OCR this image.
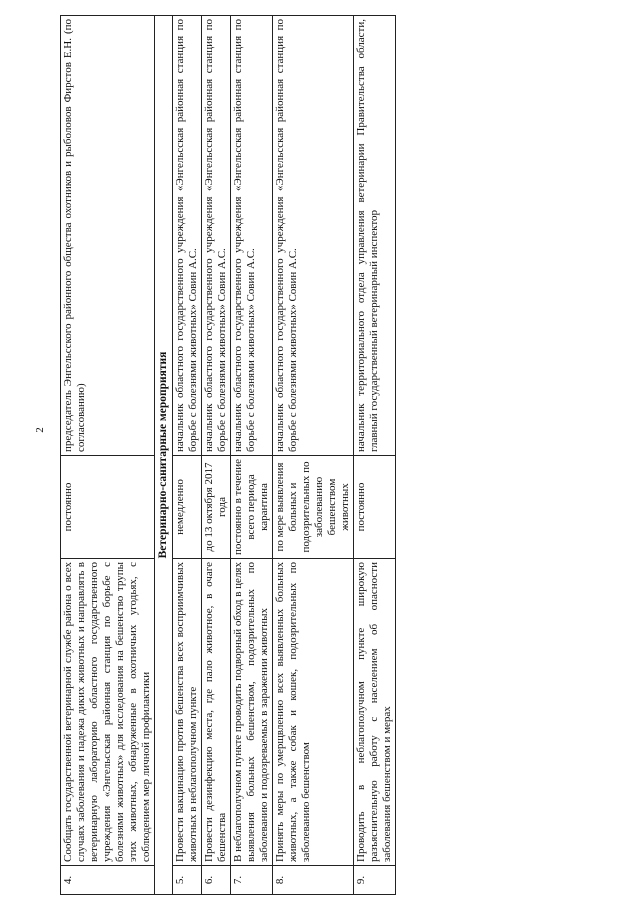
2
4.	Сообщать государственной ветеринарной службе района о всех случаях заболевания и падежа диких животных и направлять в ветеринарную лабораторию областного государственного учреждения «Энгельсская районная станция по борьбе с болезнями животных» для исследования на бешенство трупы этих животных, обнаруженные в охотничьих угодьях, с соблюдением мер личной профилактики	постоянно	председатель Энгельсского районного общества охотников и рыболовов Фирстов Е.Н. (по согласованию)
Ветеринарно-санитарные мероприятия			
5.	Провести вакцинацию против бешенства всех восприимчивых животных в неблагополучном пункте	немедленно	начальник областного государственного учреждения «Энгельсская районная станция по борьбе с болезнями животных» Совин А.С.
6.	Провести дезинфекцию места, где пало животное, в очаге бешенства	до 13 октября 2017 года	начальник областного государственного учреждения «Энгельсская районная станция по борьбе с болезнями животных» Совин А.С.
7.	В неблагополучном пункте проводить подворный обход в целях выявления больных бешенством, подозрительных по заболеванию и подозреваемых в заражении животных	постоянно в течение всего периода карантина	начальник областного государственного учреждения «Энгельсская районная станция по борьбе с болезнями животных» Совин А.С.
8.	Принять меры по умерщвлению всех выявленных больных животных, а также собак и кошек, подозрительных по заболеванию бешенством	по мере выявления больных и подозрительных по заболеванию бешенством животных	начальник областного государственного учреждения «Энгельсская районная станция по борьбе с болезнями животных» Совин А.С.
9.	Проводить в неблагополучном пункте широкую разъяснительную работу с населением об опасности заболевания бешенством и мерах	постоянно	начальник территориального отдела управления ветеринарии Правительства области, главный государственный ветеринарный инспектор
